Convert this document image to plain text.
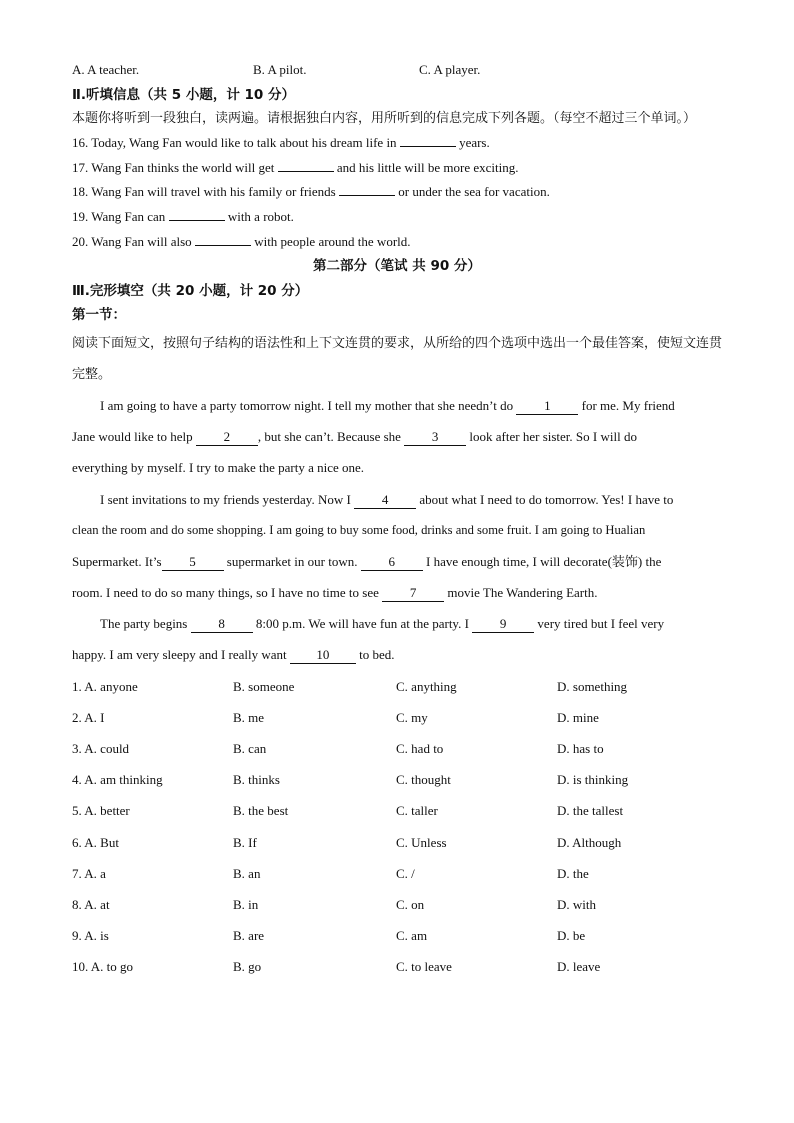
A. A teacher.	B. A pilot.	C. A player.
Ⅱ.听填信息（共 5 小题，计 10 分）
本题你将听到一段独白，读两遍。请根据独白内容，用所听到的信息完成下列各题。（每空不超过三个单词。）
16. Today, Wang Fan would like to talk about his dream life in	years.
17. Wang Fan thinks the world will get	and his little will be more exciting.
18. Wang Fan will travel with his family or friends	or under the sea for vacation.
19. Wang Fan can	with a robot.
20. Wang Fan will also	with people around the world.
第二部分（笔试 共 90 分）
Ⅲ.完形填空（共 20 小题，计 20 分）
第一节：
阅读下面短文，按照句子结构的语法性和上下文连贯的要求，从所给的四个选项中选出一个最佳答案，使短文连贯完整。

I am going to have a party tomorrow night. I tell my mother that she needn’t do 1 for me. My friend

Jane would like to help 2 , but she can’t. Because she 3 look after her sister. So I will do

everything by myself. I try to make the party a nice one.

I sent invitations to my friends yesterday. Now I 4 about what I need to do tomorrow. Yes! I have to

clean the room and do some shopping. I am going to buy some food, drinks and some fruit. I am going to Hualian

Supermarket. It’s 5 supermarket in our town. 6 I have enough time, I will decorate(装饰) the

room. I need to do so many things, so I have no time to see 7 movie The Wandering Earth.

The party begins 8 8:00 p.m. We will have fun at the party. I 9 very tired but I feel very

happy. I am very sleepy and I really want 10 to bed.

1. A. anyone	B. someone	C. anything	D. something
2. A. I	B. me	C. my	D. mine
3. A. could	B. can	C. had to	D. has to
4. A. am thinking	B. thinks	C. thought	D. is thinking
5. A. better	B. the best	C. taller	D. the tallest
6. A. But	B. If	C. Unless	D. Although
7. A. a	B. an	C. /	D. the
8. A. at	B. in	C. on	D. with
9. A. is	B. are	C. am	D. be
10. A. to go	B. go	C. to leave	D. leave
